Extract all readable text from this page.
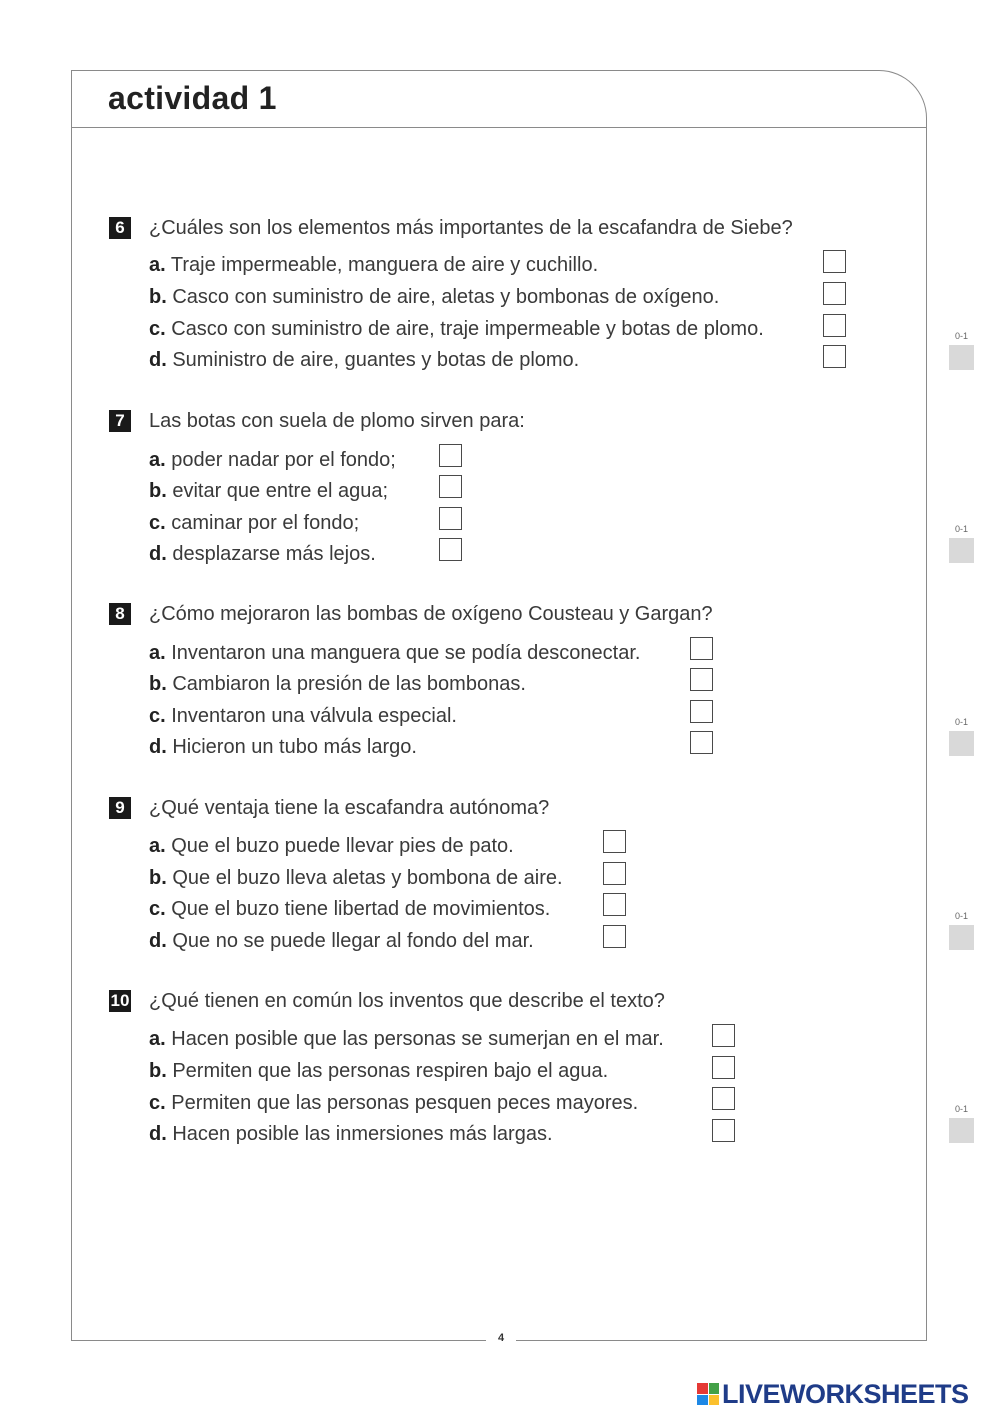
4
actividad 1
6	¿Cuáles son los elementos más importantes de la escafandra de Siebe?
a. Traje impermeable, manguera de aire y cuchillo.
b. Casco con suministro de aire, aletas y bombonas de oxígeno.
c. Casco con suministro de aire, traje impermeable y botas de plomo.
d. Suministro de aire, guantes y botas de plomo.
7	Las botas con suela de plomo sirven para:
a. poder nadar por el fondo;
b. evitar que entre el agua;
c. caminar por el fondo;
d. desplazarse más lejos.
8	¿Cómo mejoraron las bombas de oxígeno Cousteau y Gargan?
a. Inventaron una manguera que se podía desconectar.
b. Cambiaron la presión de las bombonas.
c. Inventaron una válvula especial.
d. Hicieron un tubo más largo.
9	¿Qué ventaja tiene la escafandra autónoma?
a. Que el buzo puede llevar pies de pato.
b. Que el buzo lleva aletas y bombona de aire.
c. Que el buzo tiene libertad de movimientos.
d. Que no se puede llegar al fondo del mar.
10 ¿Qué tienen en común los inventos que describe el texto?
a. Hacen posible que las personas se sumerjan en el mar.
b. Permiten que las personas respiren bajo el agua.
c. Permiten que las personas pesquen peces mayores.
d. Hacen posible las inmersiones más largas.
0-1
0-1
0-1
0-1
0-1
LIVEWORKSHEETS
